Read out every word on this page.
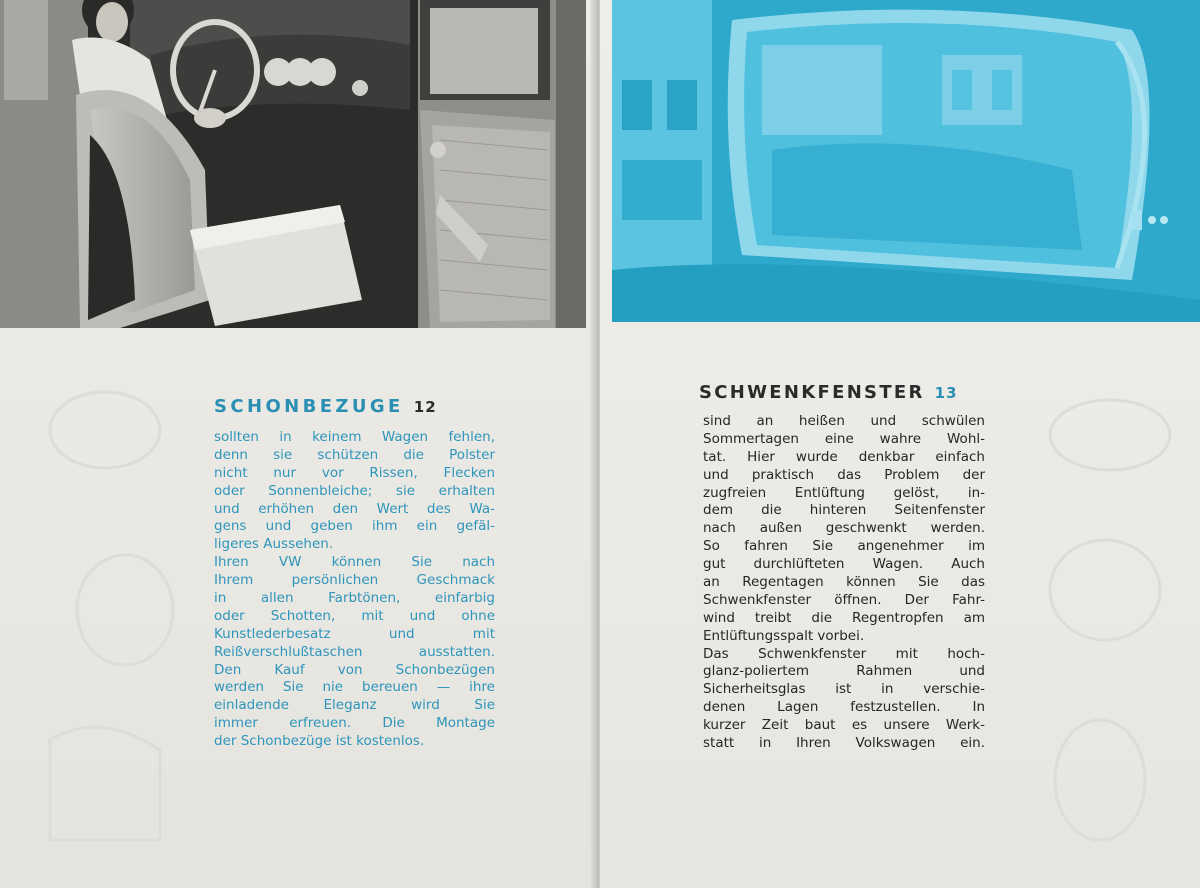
SCHONBEZUGE 12
sollten in keinem Wagen fehlen,
denn sie schützen die Polster
nicht nur vor Rissen, Flecken
oder Sonnenbleiche; sie erhalten
und erhöhen den Wert des Wa-
gens und geben ihm ein gefäl-
ligeres Aussehen.
Ihren VW können Sie nach
Ihrem persönlichen Geschmack
in allen Farbtönen, einfarbig
oder Schotten, mit und ohne
Kunstlederbesatz und mit
Reißverschlußtaschen ausstatten.
Den Kauf von Schonbezügen
werden Sie nie bereuen — ihre
einladende Eleganz wird Sie
immer erfreuen. Die Montage
der Schonbezüge ist kostenlos.
SCHWENKFENSTER 13
sind an heißen und schwülen
Sommertagen eine wahre Wohl-
tat. Hier wurde denkbar einfach
und praktisch das Problem der
zugfreien Entlüftung gelöst, in-
dem die hinteren Seitenfenster
nach außen geschwenkt werden.
So fahren Sie angenehmer im
gut durchlüfteten Wagen. Auch
an Regentagen können Sie das
Schwenkfenster öffnen. Der Fahr-
wind treibt die Regentropfen am
Entlüftungsspalt vorbei.
Das Schwenkfenster mit hoch-
glanz-poliertem Rahmen und
Sicherheitsglas ist in verschie-
denen Lagen festzustellen. In
kurzer Zeit baut es unsere Werk-
statt in Ihren Volkswagen ein.
